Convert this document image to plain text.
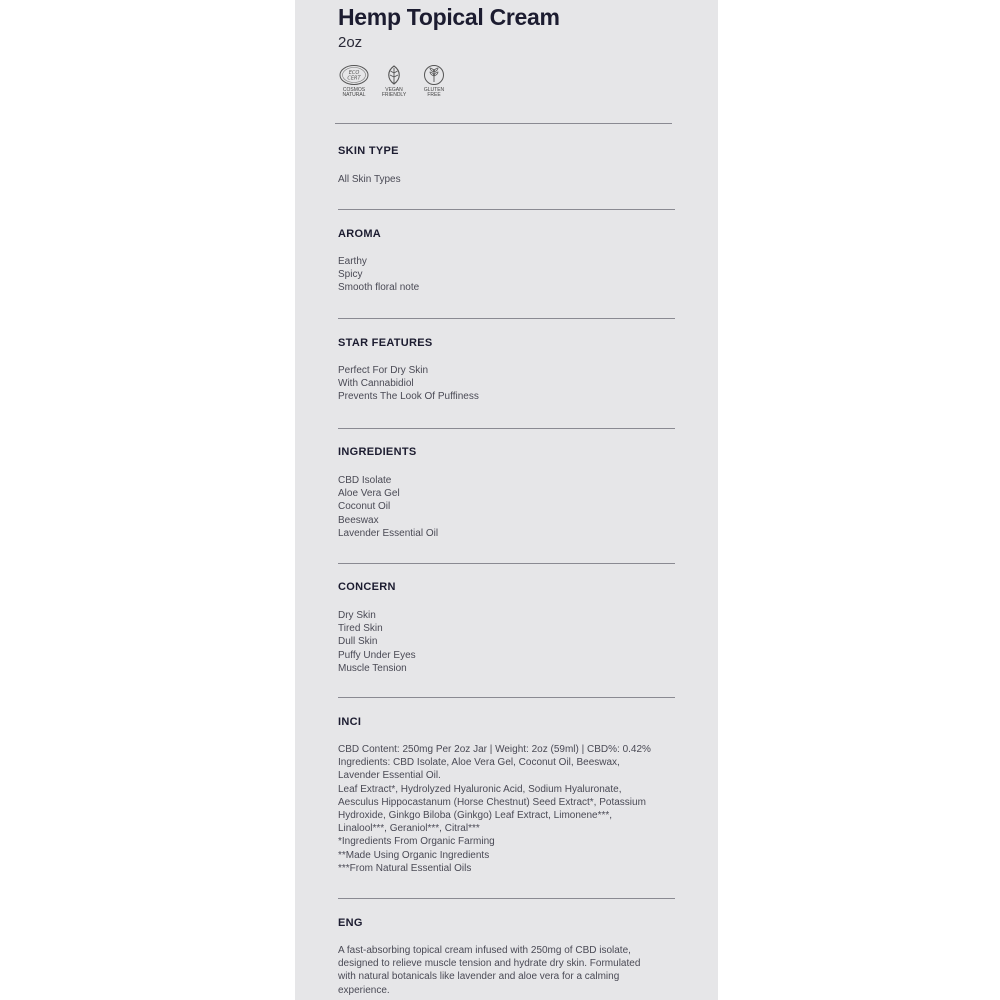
Hemp Topical Cream
2oz
ECO
CERT
COSMOS
NATURAL
VEGAN
FRIENDLY
GLUTEN
FREE
SKIN TYPE
All Skin Types
AROMA
Earthy
Spicy
Smooth floral note
STAR FEATURES
Perfect For Dry Skin
With Cannabidiol
Prevents The Look Of Puffiness
INGREDIENTS
CBD Isolate
Aloe Vera Gel
Coconut Oil
Beeswax
Lavender Essential Oil
CONCERN
Dry Skin
Tired Skin
Dull Skin
Puffy Under Eyes
Muscle Tension
INCI
CBD Content: 250mg Per 2oz Jar | Weight: 2oz (59ml) | CBD%: 0.42%
Ingredients: CBD Isolate, Aloe Vera Gel, Coconut Oil, Beeswax,
Lavender Essential Oil.
Leaf Extract*, Hydrolyzed Hyaluronic Acid, Sodium Hyaluronate,
Aesculus Hippocastanum (Horse Chestnut) Seed Extract*, Potassium
Hydroxide, Ginkgo Biloba (Ginkgo) Leaf Extract, Limonene***,
Linalool***, Geraniol***, Citral***
*Ingredients From Organic Farming
**Made Using Organic Ingredients
***From Natural Essential Oils
ENG
A fast-absorbing topical cream infused with 250mg of CBD isolate,
designed to relieve muscle tension and hydrate dry skin. Formulated
with natural botanicals like lavender and aloe vera for a calming
experience.
